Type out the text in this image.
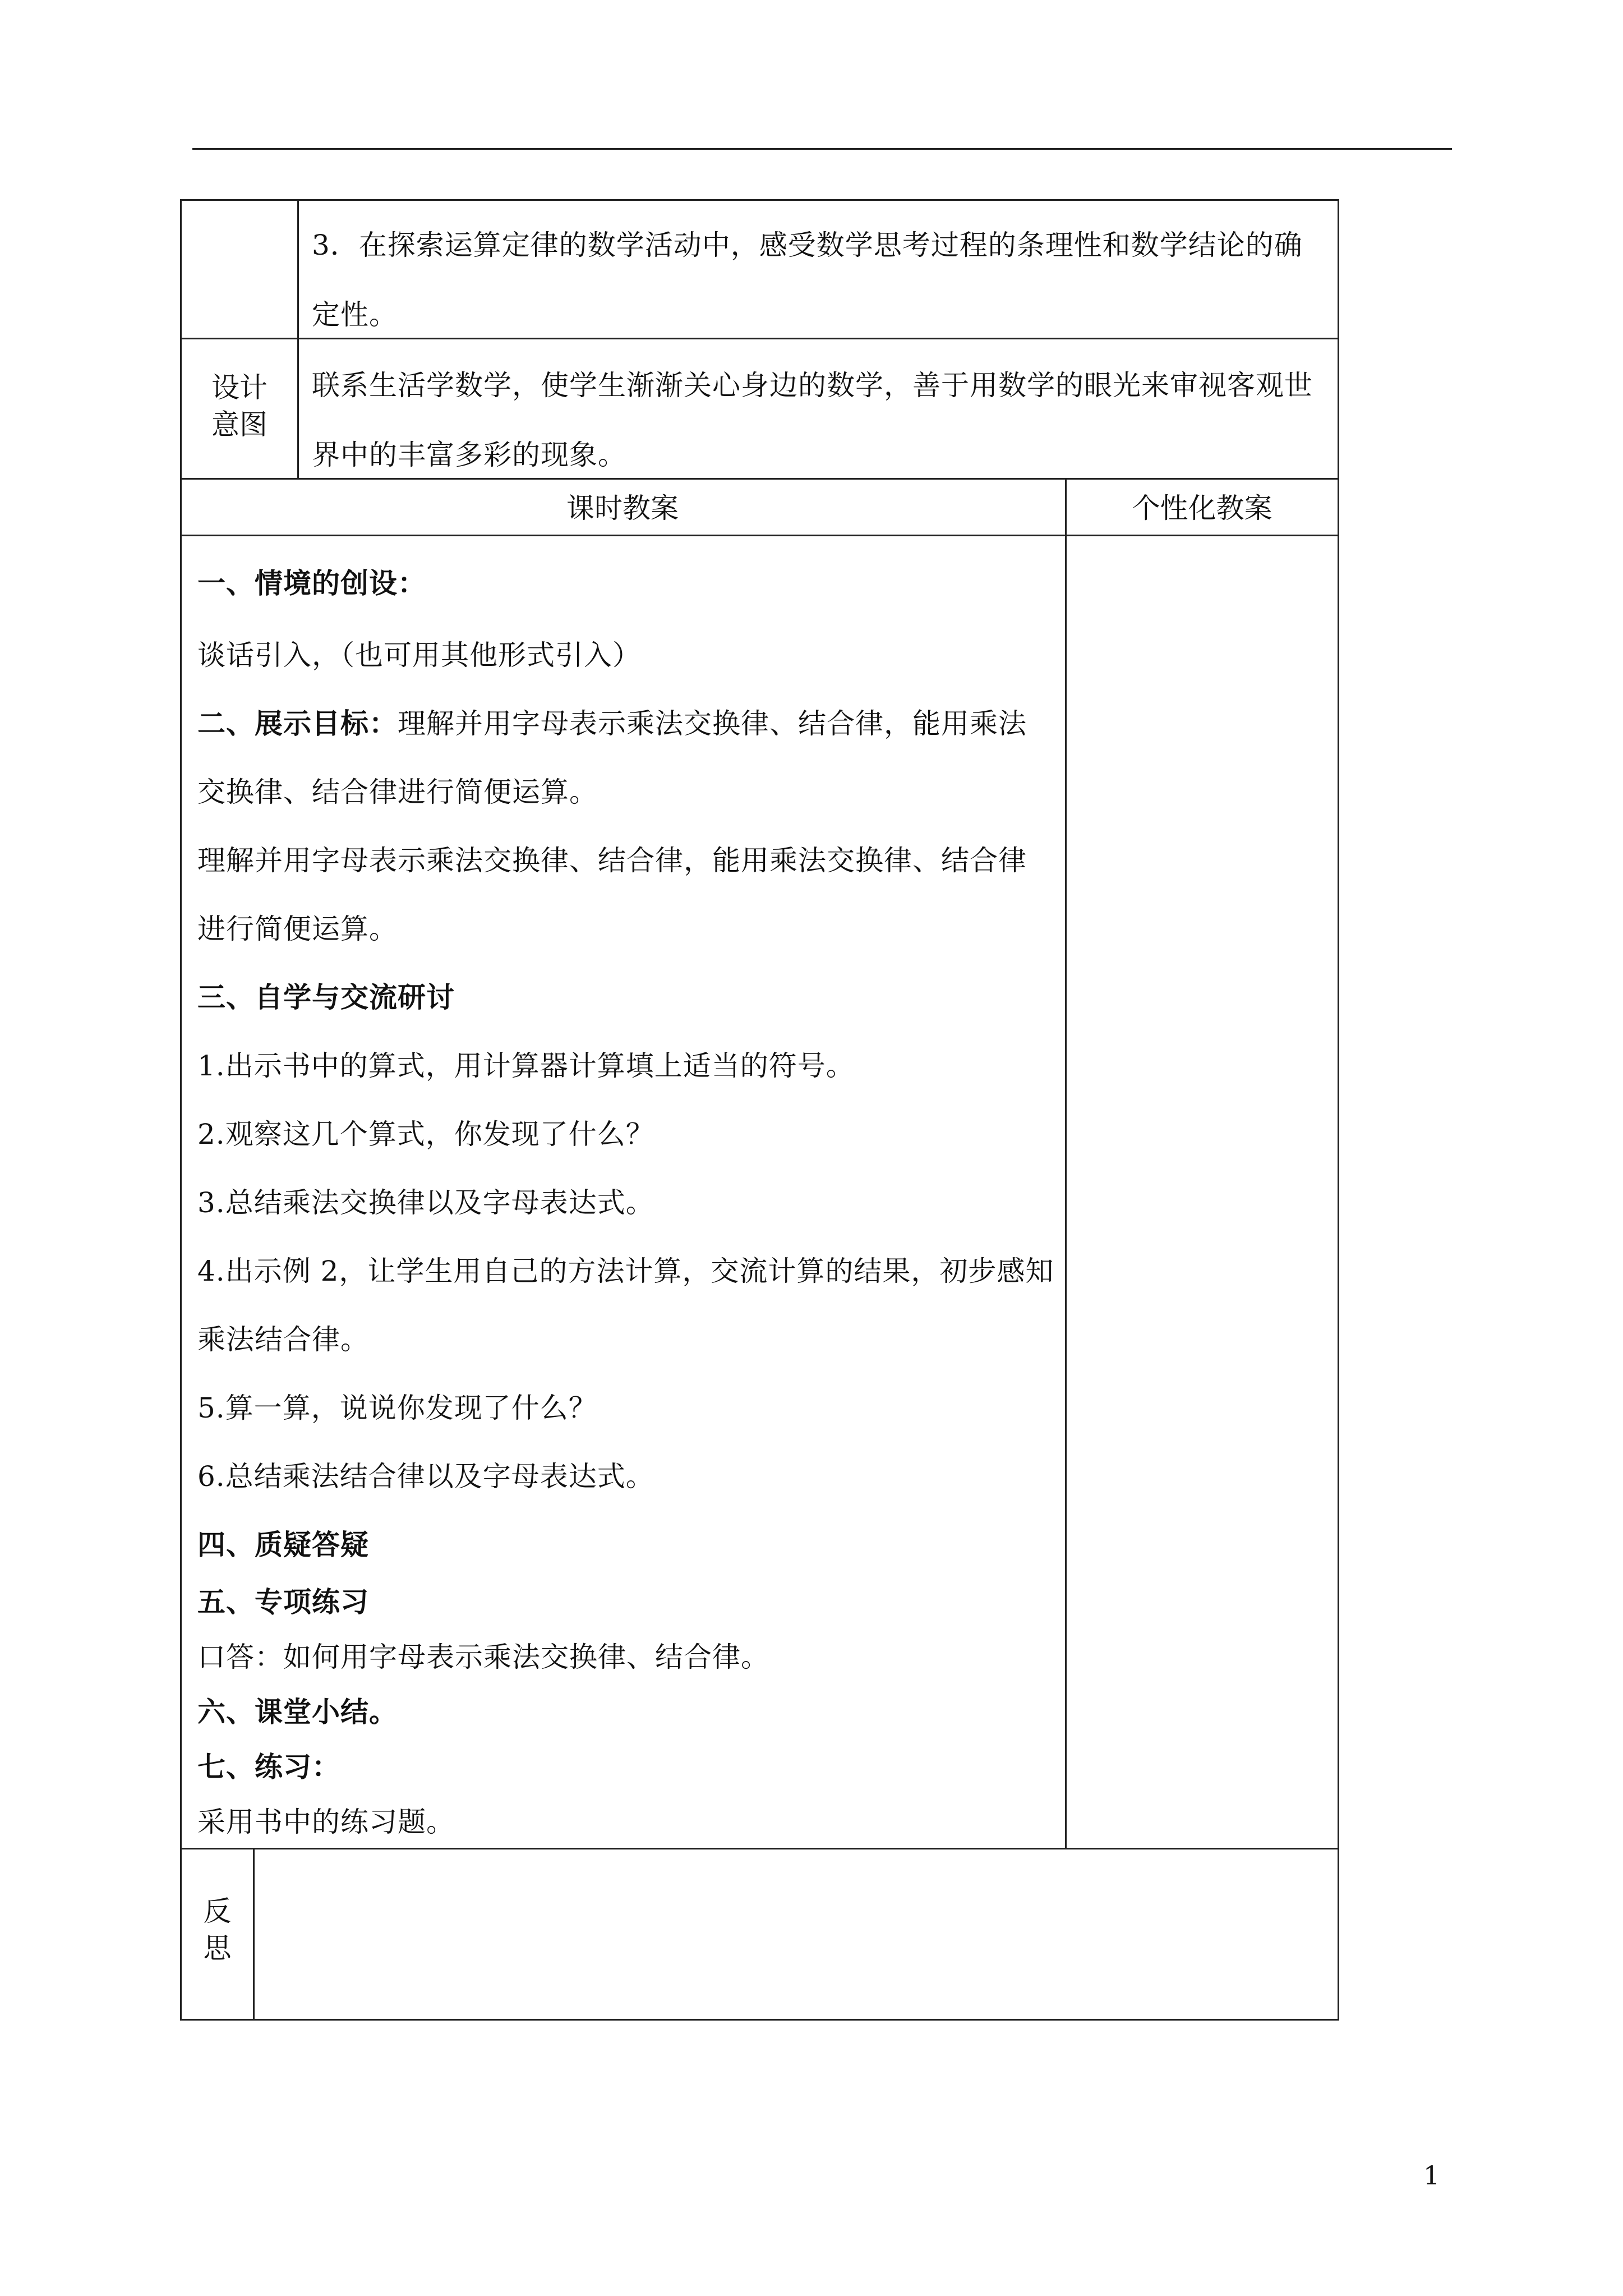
3．在探索运算定律的数学活动中，感受数学思考过程的条理性和数学结论的确定性。
设计
意图
联系生活学数学，使学生渐渐关心身边的数学，善于用数学的眼光来审视客观世界中的丰富多彩的现象。
课时教案	个性化教案
一、情境的创设：
谈话引入，（也可用其他形式引入）
二、展示目标：理解并用字母表示乘法交换律、结合律，能用乘法
交换律、结合律进行简便运算。
理解并用字母表示乘法交换律、结合律，能用乘法交换律、结合律
进行简便运算。
三、自学与交流研讨
1.出示书中的算式，用计算器计算填上适当的符号。
2.观察这几个算式，你发现了什么？
3.总结乘法交换律以及字母表达式。
4.出示例 2，让学生用自己的方法计算，交流计算的结果，初步感知
乘法结合律。
5.算一算，说说你发现了什么？
6.总结乘法结合律以及字母表达式。
四、质疑答疑
五、专项练习
口答：如何用字母表示乘法交换律、结合律。
六、课堂小结。
七、练习：
采用书中的练习题。
反
思
1
